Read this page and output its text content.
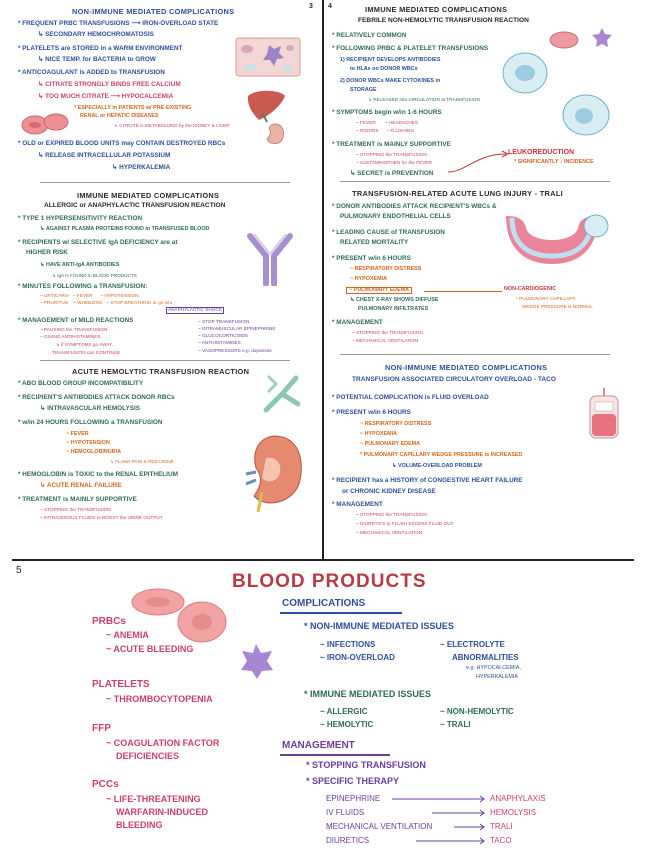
3 4
5
NON-IMMUNE MEDIATED COMPLICATIONS
* FREQUENT PRBC TRANSFUSIONS ⟶ IRON-OVERLOAD STATE
↳ SECONDARY HEMOCHROMATOSIS
* PLATELETS are STORED in a WARM ENVIRONMENT
↳ NICE TEMP. for BACTERIA to GROW
* ANTICOAGULANT is ADDED to TRANSFUSION
↳ CITRATE STRONGLY BINDS FREE CALCIUM
↳ TOO MUCH CITRATE ⟶ HYPOCALCEMIA
* ESPECIALLY in PATIENTS w/ PRE-EXISTING
RENAL or HEPATIC DISEASES
↳ CITRATE is METABOLIZED by the KIDNEY & LIVER
* OLD or EXPIRED BLOOD UNITS may CONTAIN DESTROYED RBCs
↳ RELEASE INTRACELLULAR POTASSIUM
↳ HYPERKALEMIA
IMMUNE MEDIATED COMPLICATIONS
ALLERGIC or ANAPHYLACTIC TRANSFUSION REACTION
* TYPE 1 HYPERSENSITIVITY REACTION
↳ AGAINST PLASMA PROTEINS FOUND in TRANSFUSED BLOOD
* RECIPIENTS w/ SELECTIVE IgA DEFICIENCY are at
HIGHER RISK
↳ HAVE ANTI-IgA ANTIBODIES
↳ IgA is FOUND in BLOOD PRODUCTS
* MINUTES FOLLOWING a TRANSFUSION:
~ URTICARIA   ~ FEVER      ~ HYPOTENSION
~ PRURITUS    ~ WHEEZING   ~ STOP BREATHING or go into
ANAPHYLACTIC SHOCK
* MANAGEMENT of MILD REACTIONS
~ PAUSING the TRANSFUSION
~ GIVING ANTIHISTAMINES
↳ if SYMPTOMS go AWAY,
TRANSFUSION can CONTINUE
~ STOP TRANSFUSION
~ INTRAMUSCULAR EPINEPHRINE
~ GLUCOCORTICOIDS
~ ANTIHISTAMINES
~ VASOPRESSORS e.g. dopamine
ACUTE HEMOLYTIC TRANSFUSION REACTION
* ABO BLOOD GROUP INCOMPATIBILITY
* RECIPIENT'S ANTIBODIES ATTACK DONOR RBCs
↳ INTRAVASCULAR HEMOLYSIS
* w/in 24 HOURS FOLLOWING a TRANSFUSION
~ FEVER
~ HYPOTENSION
~ HEMOGLOBINURIA
↳ FLANK PAIN & RED URINE
* HEMOGLOBIN is TOXIC to the RENAL EPITHELIUM
↳ ACUTE RENAL FAILURE
* TREATMENT is MAINLY SUPPORTIVE
~ STOPPING the TRANSFUSION
~ INTRAVENOUS FLUIDS to BOOST the URINE OUTPUT
IMMUNE MEDIATED COMPLICATIONS
FEBRILE NON-HEMOLYTIC TRANSFUSION REACTION
* RELATIVELY COMMON
* FOLLOWING PRBC & PLATELET TRANSFUSIONS
1) RECIPIENT DEVELOPS ANTIBODIES
to HLAs on DONOR WBCs
2) DONOR WBCs MAKE CYTOKINES in
STORAGE
↳ RELEASED into CIRCULATION at TRANSFUSION
* SYMPTOMS begin w/in 1-6 HOURS
~ FEVER       ~ HEADACHES
~ RIGORS      ~ FLUSHING
* TREATMENT is MAINLY SUPPORTIVE
~ STOPPING the TRANSFUSION
~ ACETAMINOPHEN for the FEVER
↳ SECRET is PREVENTION
LEUKOREDUCTION
* SIGNIFICANTLY ↓ INCIDENCE
TRANSFUSION-RELATED ACUTE LUNG INJURY - TRALI
* DONOR ANTIBODIES ATTACK RECIPIENT'S WBCs &
PULMONARY ENDOTHELIAL CELLS
* LEADING CAUSE of TRANSFUSION
RELATED MORTALITY
* PRESENT w/in 6 HOURS
~ RESPIRATORY DISTRESS
~ HYPOXEMIA
~ PULMONARY EDEMA	NON-CARDIOGENIC
* PULMONARY CAPILLARY
WEDGE PRESSURE is NORMAL
↳ CHEST X-RAY SHOWS DIFFUSE
PULMONARY INFILTRATES
* MANAGEMENT
~ STOPPING the TRANSFUSION
~ MECHANICAL VENTILATION
NON-IMMUNE MEDIATED COMPLICATIONS
TRANSFUSION ASSOCIATED CIRCULATORY OVERLOAD - TACO
* POTENTIAL COMPLICATION is FLUID OVERLOAD
* PRESENT w/in 6 HOURS
~ RESPIRATORY DISTRESS
~ HYPOXEMIA
~ PULMONARY EDEMA
* PULMONARY CAPILLARY WEDGE PRESSURE is INCREASED
↳ VOLUME-OVERLOAD PROBLEM
* RECIPIENT has a HISTORY of CONGESTIVE HEART FAILURE
or CHRONIC KIDNEY DISEASE
* MANAGEMENT
~ STOPPING the TRANSFUSION
~ DIURETICS to FLUSH EXCESS FLUID OUT
~ MECHANICAL VENTILATION
BLOOD PRODUCTS
PRBCs
~ ANEMIA
~ ACUTE BLEEDING
PLATELETS
~ THROMBOCYTOPENIA
FFP
~ COAGULATION FACTOR
DEFICIENCIES
PCCs
~ LIFE-THREATENING
WARFARIN-INDUCED
BLEEDING
COMPLICATIONS
* NON-IMMUNE MEDIATED ISSUES
~ INFECTIONS
~ IRON-OVERLOAD
~ ELECTROLYTE
ABNORMALITIES
e.g. HYPOCALCEMIA,
HYPERKALEMIA
* IMMUNE MEDIATED ISSUES
~ ALLERGIC
~ HEMOLYTIC
~ NON-HEMOLYTIC
~ TRALI
MANAGEMENT
* STOPPING TRANSFUSION
* SPECIFIC THERAPY
EPINEPHRINE
IV FLUIDS
MECHANICAL VENTILATION
DIURETICS
ANAPHYLAXIS
HEMOLYSIS
TRALI
TACO
